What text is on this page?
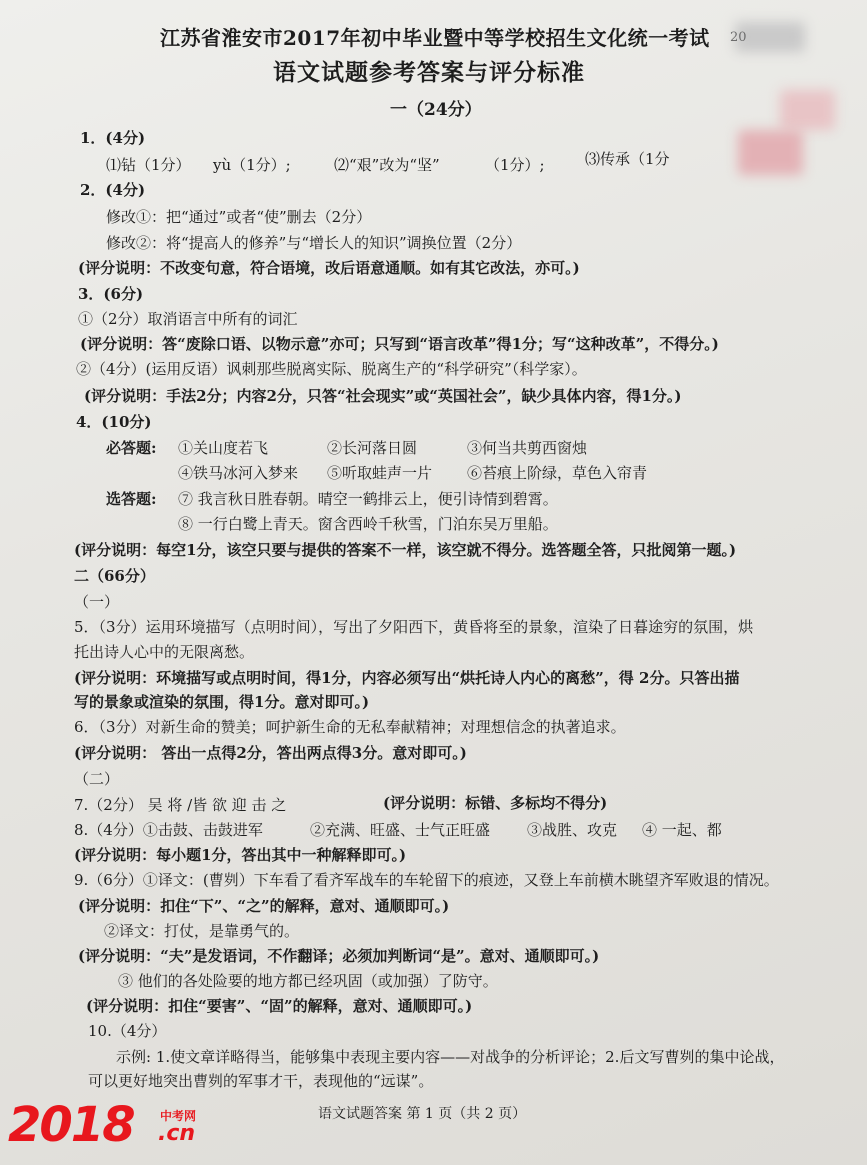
20
江苏省淮安市2017年初中毕业暨中等学校招生文化统一考试
语文试题参考答案与评分标准
一（24分）
1．(4分)
⑴钻（1分） yù（1分）;	⑵“艰”改为“坚”	（1分）;	⑶传承（1分
2．(4分)
修改①：把“通过”或者“使”删去（2分）
修改②：将“提高人的修养”与“增长人的知识”调换位置（2分）
(评分说明：不改变句意，符合语境，改后语意通顺。如有其它改法，亦可。)
3．(6分)
①（2分）取消语言中所有的词汇
(评分说明：答“废除口语、以物示意”亦可；只写到“语言改革”得1分；写“这种改革”，不得分。)
②（4分）(运用反语）讽刺那些脱离实际、脱离生产的“科学研究”（科学家）。
(评分说明：手法2分；内容2分，只答“社会现实”或“英国社会”，缺少具体内容，得1分。)
4．(10分)
必答题: ①关山度若飞	②长河落日圆	③何当共剪西窗烛
④铁马冰河入梦来 ⑤听取蛙声一片 ⑥苔痕上阶绿，草色入帘青
选答题: ⑦ 我言秋日胜春朝。晴空一鹤排云上，便引诗情到碧霄。
⑧ 一行白鹭上青天。窗含西岭千秋雪，门泊东吴万里船。
(评分说明：每空1分，该空只要与提供的答案不一样，该空就不得分。选答题全答，只批阅第一题。)
二（66分）
（一）
5．（3分）运用环境描写（点明时间），写出了夕阳西下，黄昏将至的景象，渲染了日暮途穷的氛围，烘
托出诗人心中的无限离愁。
(评分说明：环境描写或点明时间，得1分，内容必须写出“烘托诗人内心的离愁”，得 2分。只答出描
写的景象或渲染的氛围，得1分。意对即可。)
6．（3分）对新生命的赞美；呵护新生命的无私奉献精神；对理想信念的执著追求。
(评分说明： 答出一点得2分，答出两点得3分。意对即可。)
（二）
7.（2分） 吴 将 /皆 欲 迎 击 之	(评分说明：标错、多标均不得分)
8.（4分）①击鼓、击鼓进军	②充满、旺盛、士气正旺盛 ③战胜、攻克 ④ 一起、都
(评分说明：每小题1分，答出其中一种解释即可。)
9.（6分）①译文：(曹刿）下车看了看齐军战车的车轮留下的痕迹，又登上车前横木眺望齐军败退的情况。
(评分说明：扣住“下”、“之”的解释，意对、通顺即可。)
②译文：打仗，是靠勇气的。
(评分说明：“夫”是发语词，不作翻译；必须加判断词“是”。意对、通顺即可。)
③ 他们的各处险要的地方都已经巩固（或加强）了防守。
(评分说明：扣住“要害”、“固”的解释，意对、通顺即可。)
10.（4分）
示例: 1.使文章详略得当，能够集中表现主要内容——对战争的分析评论；2.后文写曹刿的集中论战，
可以更好地突出曹刿的军事才干，表现他的“远谋”。
语文试题答案 第 1 页（共 2 页）
2018 中考网
.cn
